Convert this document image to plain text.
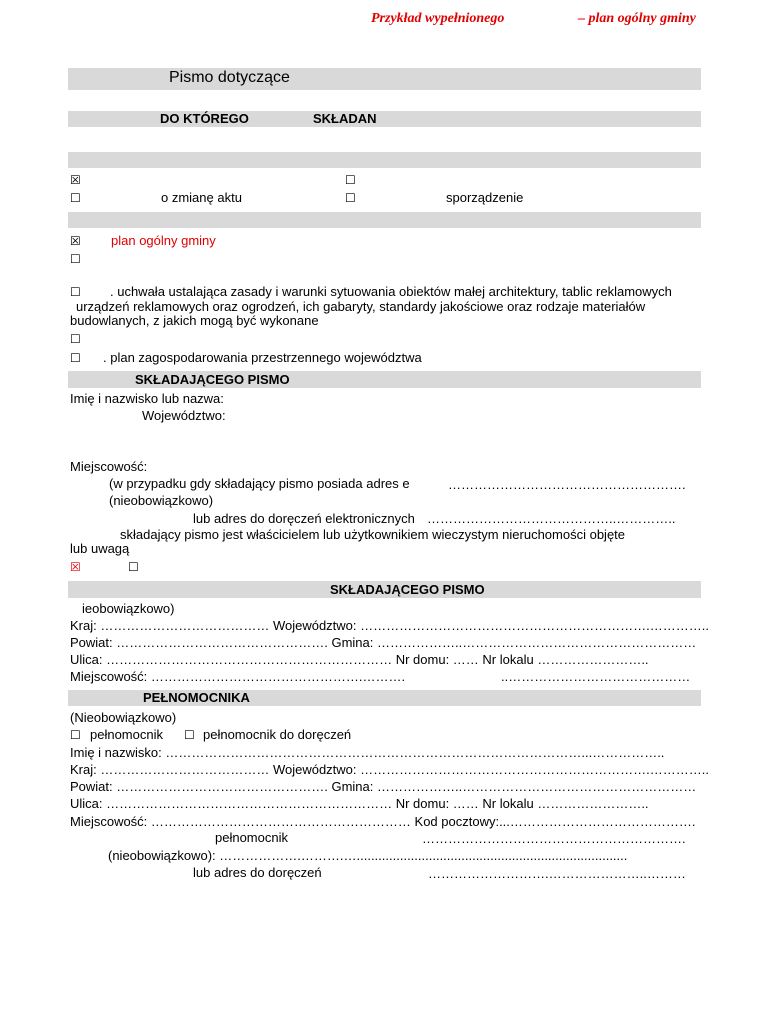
Przykład wypełnionego	– plan ogólny gminy
Pismo dotyczące
DO KTÓREGO	SKŁADAN
☒	☐
☐	o zmianę aktu	☐	sporządzenie
☒ plan ogólny gminy
☐
☐ . uchwała ustalająca zasady i warunki sytuowania obiektów małej architektury, tablic reklamowych
urządzeń reklamowych oraz ogrodzeń, ich gabaryty, standardy jakościowe oraz rodzaje materiałów
budowlanych, z jakich mogą być wykonane
☐
☐ . plan zagospodarowania przestrzennego województwa
SKŁADAJĄCEGO PISMO
Imię i nazwisko lub nazwa:
Województwo:
Miejscowość:
(w przypadku gdy składający pismo posiada adres e	……………………………………………….
(nieobowiązkowo)
lub adres do doręczeń elektronicznych ……………………………………..…………..
składający pismo jest właścicielem lub użytkownikiem wieczystym nieruchomości objęte
lub uwagą
☒	☐
SKŁADAJĄCEGO PISMO
ieobowiązkowo)
Kraj: ………………………………… Województwo: ………………………………………………………….…………..
Powiat: …………………………………………. Gmina: ………………..………………………………………………
Ulica: ………………………………………………………… Nr domu: …… Nr lokalu ……………………..
Miejscowość: ………………………………………….……….	..……………………………………
PEŁNOMOCNIKA
(Nieobowiązkowo)
☐ pełnomocnik ☐ pełnomocnik do doręczeń
Imię i nazwisko: ……………………………………………………………………………………...……………..
Kraj: ………………………………… Województwo: ………………………………………………………….…………..
Powiat: …………………………………………. Gmina: ………………..………………………………………………
Ulica: ………………………………………………………… Nr domu: …… Nr lokalu ……………………..
Miejscowość: …………………………………………………… Kod pocztowy:...…………………………………….
pełnomocnik	…………………………………………………….
(nieobowiązkowo): ……………….……….…...........................................................................
lub adres do doręczeń	……………………….…………………..………
